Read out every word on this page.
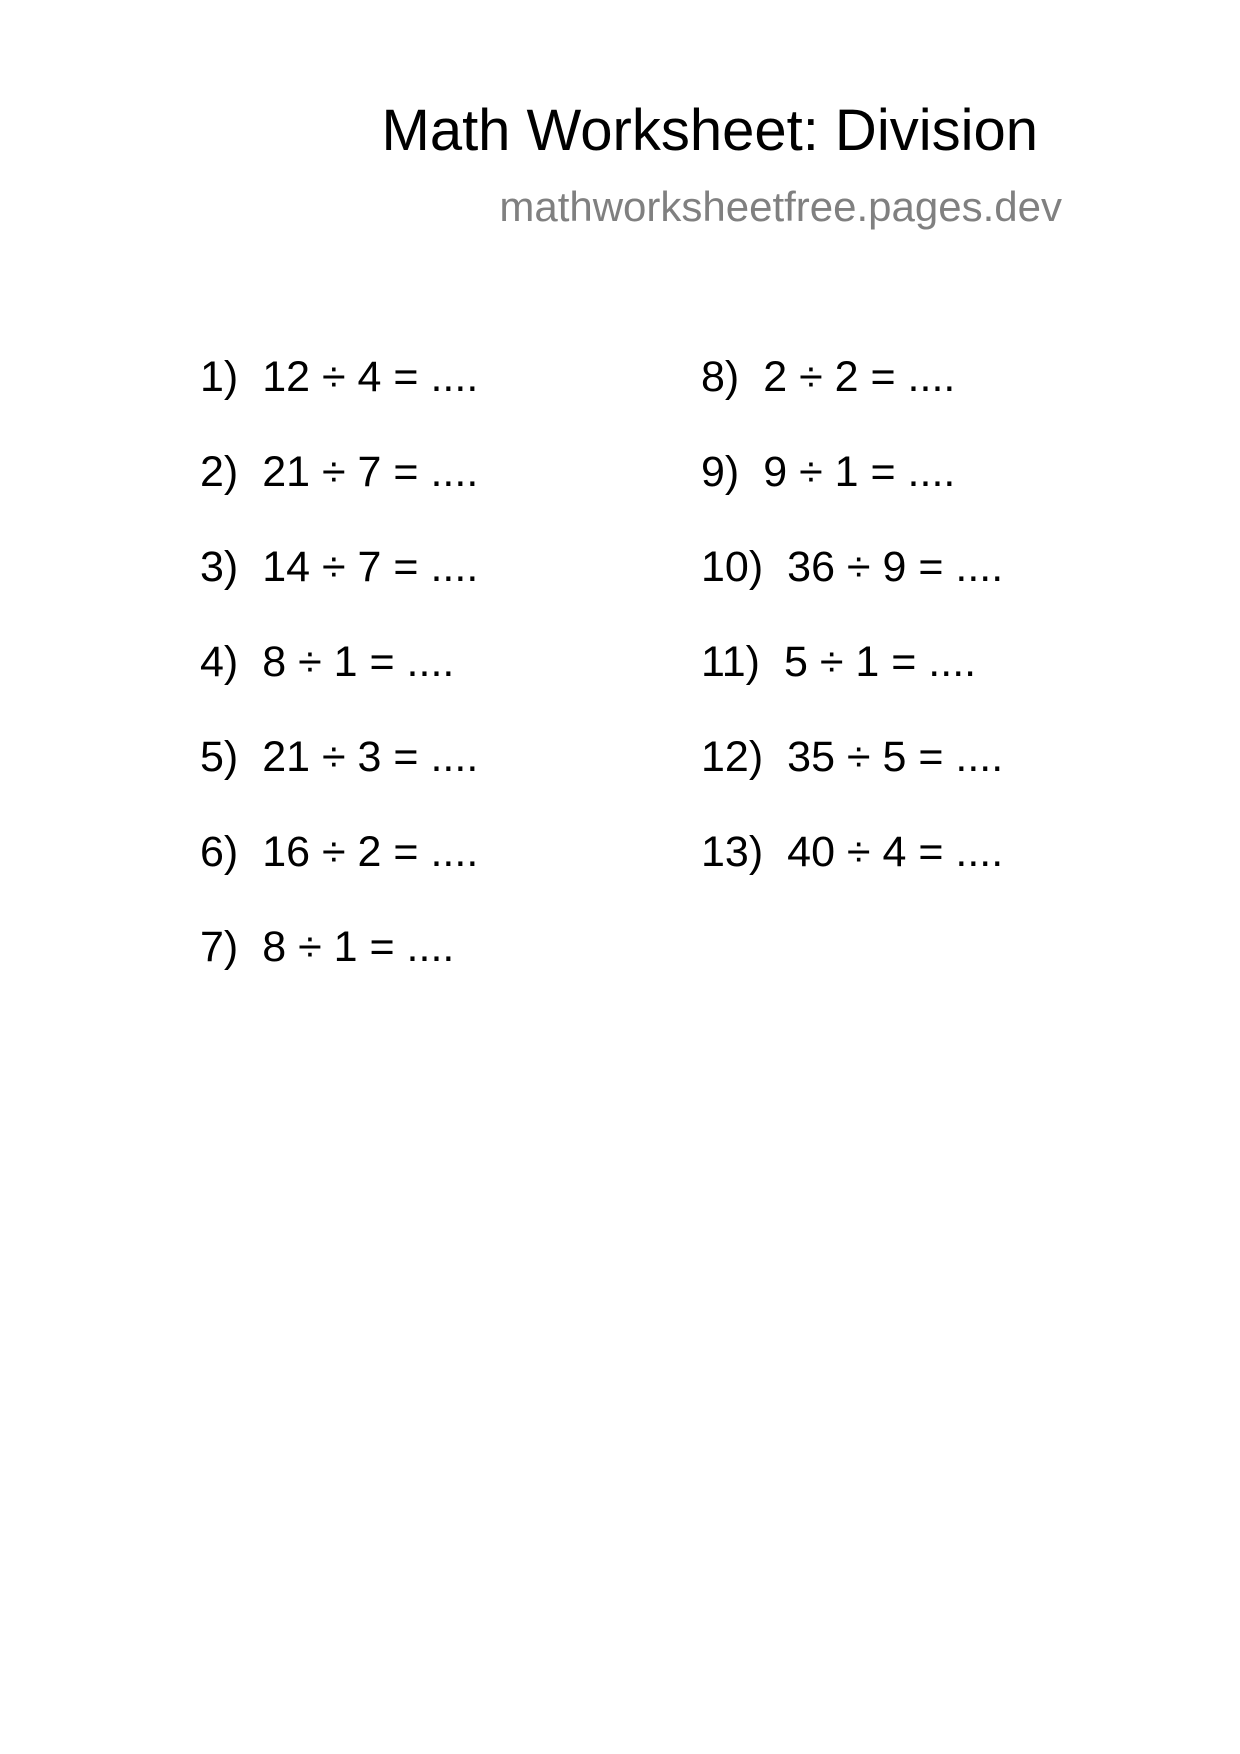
Math Worksheet: Division
mathworksheetfree.pages.dev
1) 12 ÷ 4 = ....
2) 21 ÷ 7 = ....
3) 14 ÷ 7 = ....
4) 8 ÷ 1 = ....
5) 21 ÷ 3 = ....
6) 16 ÷ 2 = ....
7) 8 ÷ 1 = ....
8) 2 ÷ 2 = ....
9) 9 ÷ 1 = ....
10) 36 ÷ 9 = ....
11) 5 ÷ 1 = ....
12) 35 ÷ 5 = ....
13) 40 ÷ 4 = ....
